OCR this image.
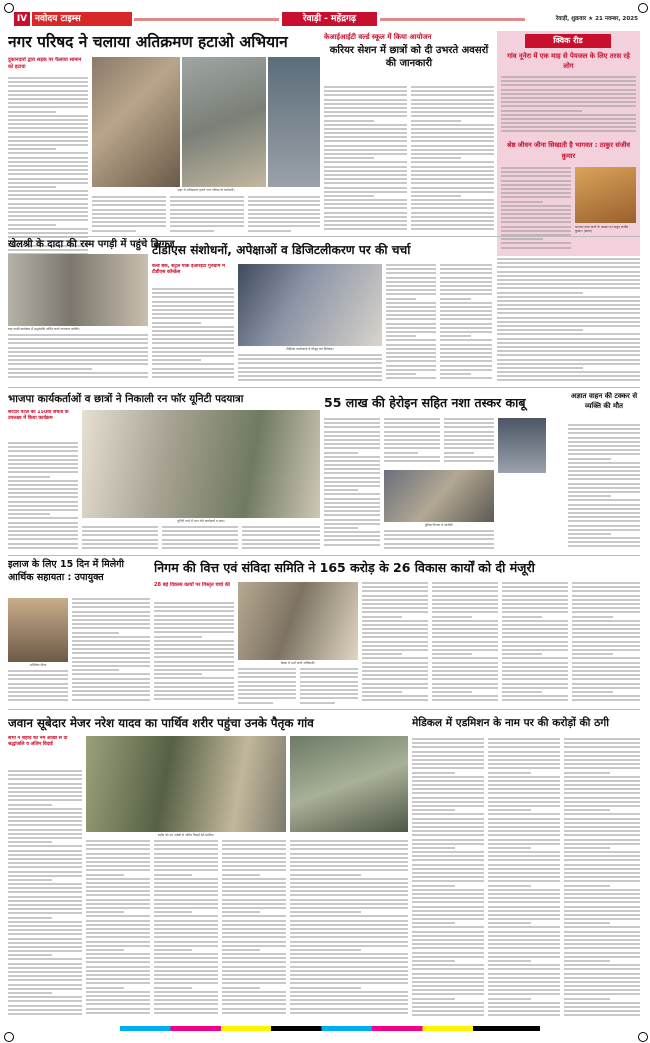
IV नवोदय टाइम्स	रेवाड़ी - महेंद्रगढ़	रेवाड़ी, शुक्रवार ★ 21 नवम्बर, 2025
नगर परिषद ने चलाया अतिक्रमण हटाओ अभियान
दुकानदारों द्वारा सड़क पर फैलाया सामान को हटाया
शहर में अतिक्रमण हटाते नगर परिषद के कर्मचारी।
केआईआईटी वर्ल्ड स्कूल में किया आयोजन
करियर सेशन में छात्रों को दी उभरते अवसरों की जानकारी
क्विक रीड
गांव नूनेरा में एक माह से पेयजल के लिए तरस रहे लोग
श्रेष्ठ जीवन जीना सिखाती है भागवत : ठाकुर संजीव कुमार
भागवत कथा करते के अवसर पर ठाकुर संजीव कुमार। (छाया)
खेलश्री के दादा की रस्म पगड़ी में पहुंचे दिग्गज
रस्म पगड़ी कार्यक्रम में श्रद्धांजलि अर्पित करते गणमान्य व्यक्ति।
टीडीएस संशोधनों, अपेक्षाओं व डिजिटलीकरण पर की चर्चा
वल्ड बैंक, सेंट्रल पार्क ईआरईटी गुरुग्राम में टीडीएस कॉन्फ्रेंस
टीडीएस कार्यशाला में मौजूद कर विशेषज्ञ।
भाजपा कार्यकर्ताओं व छात्रों ने निकाली रन फॉर यूनिटी पदयात्रा
सरदार पटेल की 150वीं जयंती के उपलक्ष्य में किया कार्यक्रम
यूनिटी मार्च में भाग लेते कार्यकर्ता व छात्र।
55 लाख की हेरोइन सहित नशा तस्कर काबू
पुलिस गिरफ्त में आरोपी।
अज्ञात वाहन की टक्कर से व्यक्ति की मौत
इलाज के लिए 15 दिन में मिलेगी आर्थिक सहायता : उपायुक्त
अभिषेक मीणा
निगम की वित्त एवं संविदा समिति ने 165 करोड़ के 26 विकास कार्यों को दी मंजूरी
28 बड़े विकास कार्यों पर विस्तृत चर्चा की
बैठक में चर्चा करते अधिकारी।
जवान सूबेदार मेजर नरेश यादव का पार्थिव शरीर पहुंचा उनके पैतृक गांव
सभी ने शहीद को नम आंखों से दी श्रद्धांजलि व अंतिम विदाई
शहीद को नम आंखों से अंतिम विदाई देते ग्रामीण।
मेडिकल में एडमिशन के नाम पर की करोड़ों की ठगी
